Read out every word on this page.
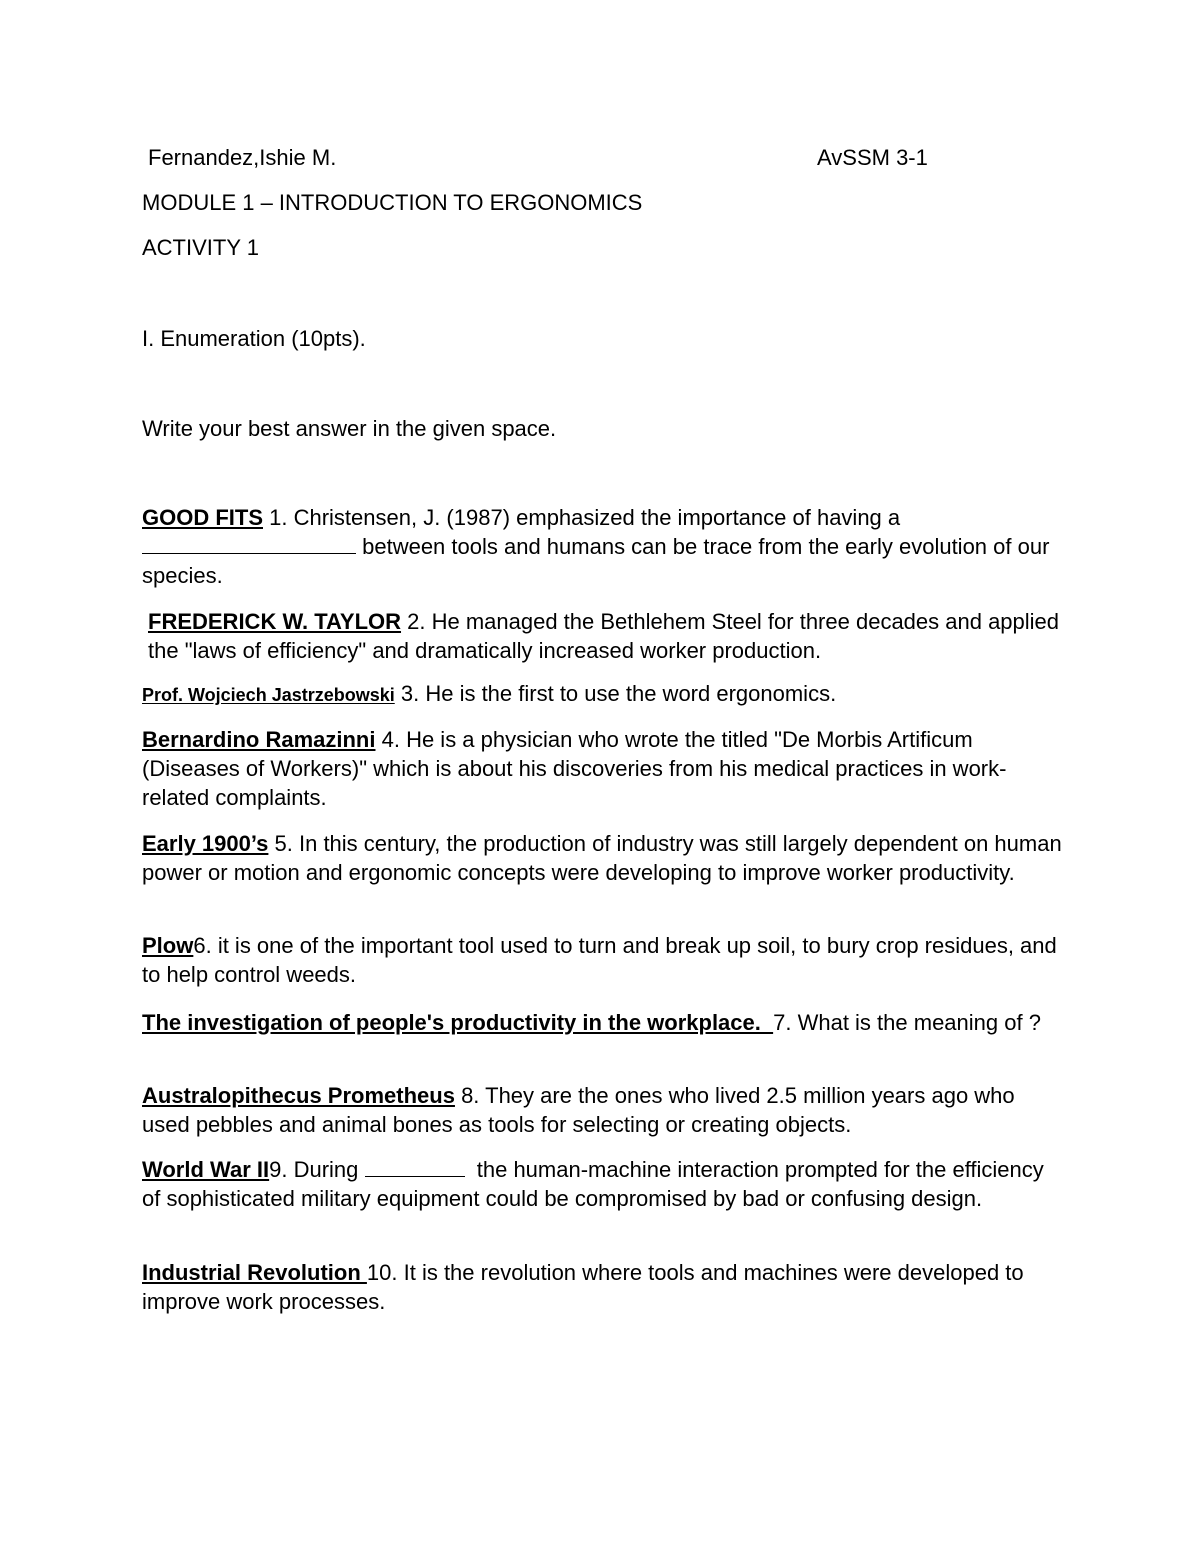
Fernandez,Ishie M.	AvSSM 3-1
MODULE 1 – INTRODUCTION TO ERGONOMICS
ACTIVITY 1
I. Enumeration (10pts).
Write your best answer in the given space.
GOOD FITS 1. Christensen, J. (1987) emphasized the importance of having a  between tools and humans can be trace from the early evolution of our species.
FREDERICK W. TAYLOR 2. He managed the Bethlehem Steel for three decades and applied the "laws of efficiency" and dramatically increased worker production.
Prof. Wojciech Jastrzebowski 3. He is the first to use the word ergonomics.
Bernardino Ramazinni 4. He is a physician who wrote the titled "De Morbis Artificum (Diseases of Workers)" which is about his discoveries from his medical practices in work-related complaints.
Early 1900’s 5. In this century, the production of industry was still largely dependent on human power or motion and ergonomic concepts were developing to improve worker productivity.
Plow6. it is one of the important tool used to turn and break up soil, to bury crop residues, and to help control weeds.
The investigation of people's productivity in the workplace.  7. What is the meaning of ?
Australopithecus Prometheus 8. They are the ones who lived 2.5 million years ago who used pebbles and animal bones as tools for selecting or creating objects.
World War II9. During	the human-machine interaction prompted for the efficiency of sophisticated military equipment could be compromised by bad or confusing design.
Industrial Revolution 10. It is the revolution where tools and machines were developed to improve work processes.
